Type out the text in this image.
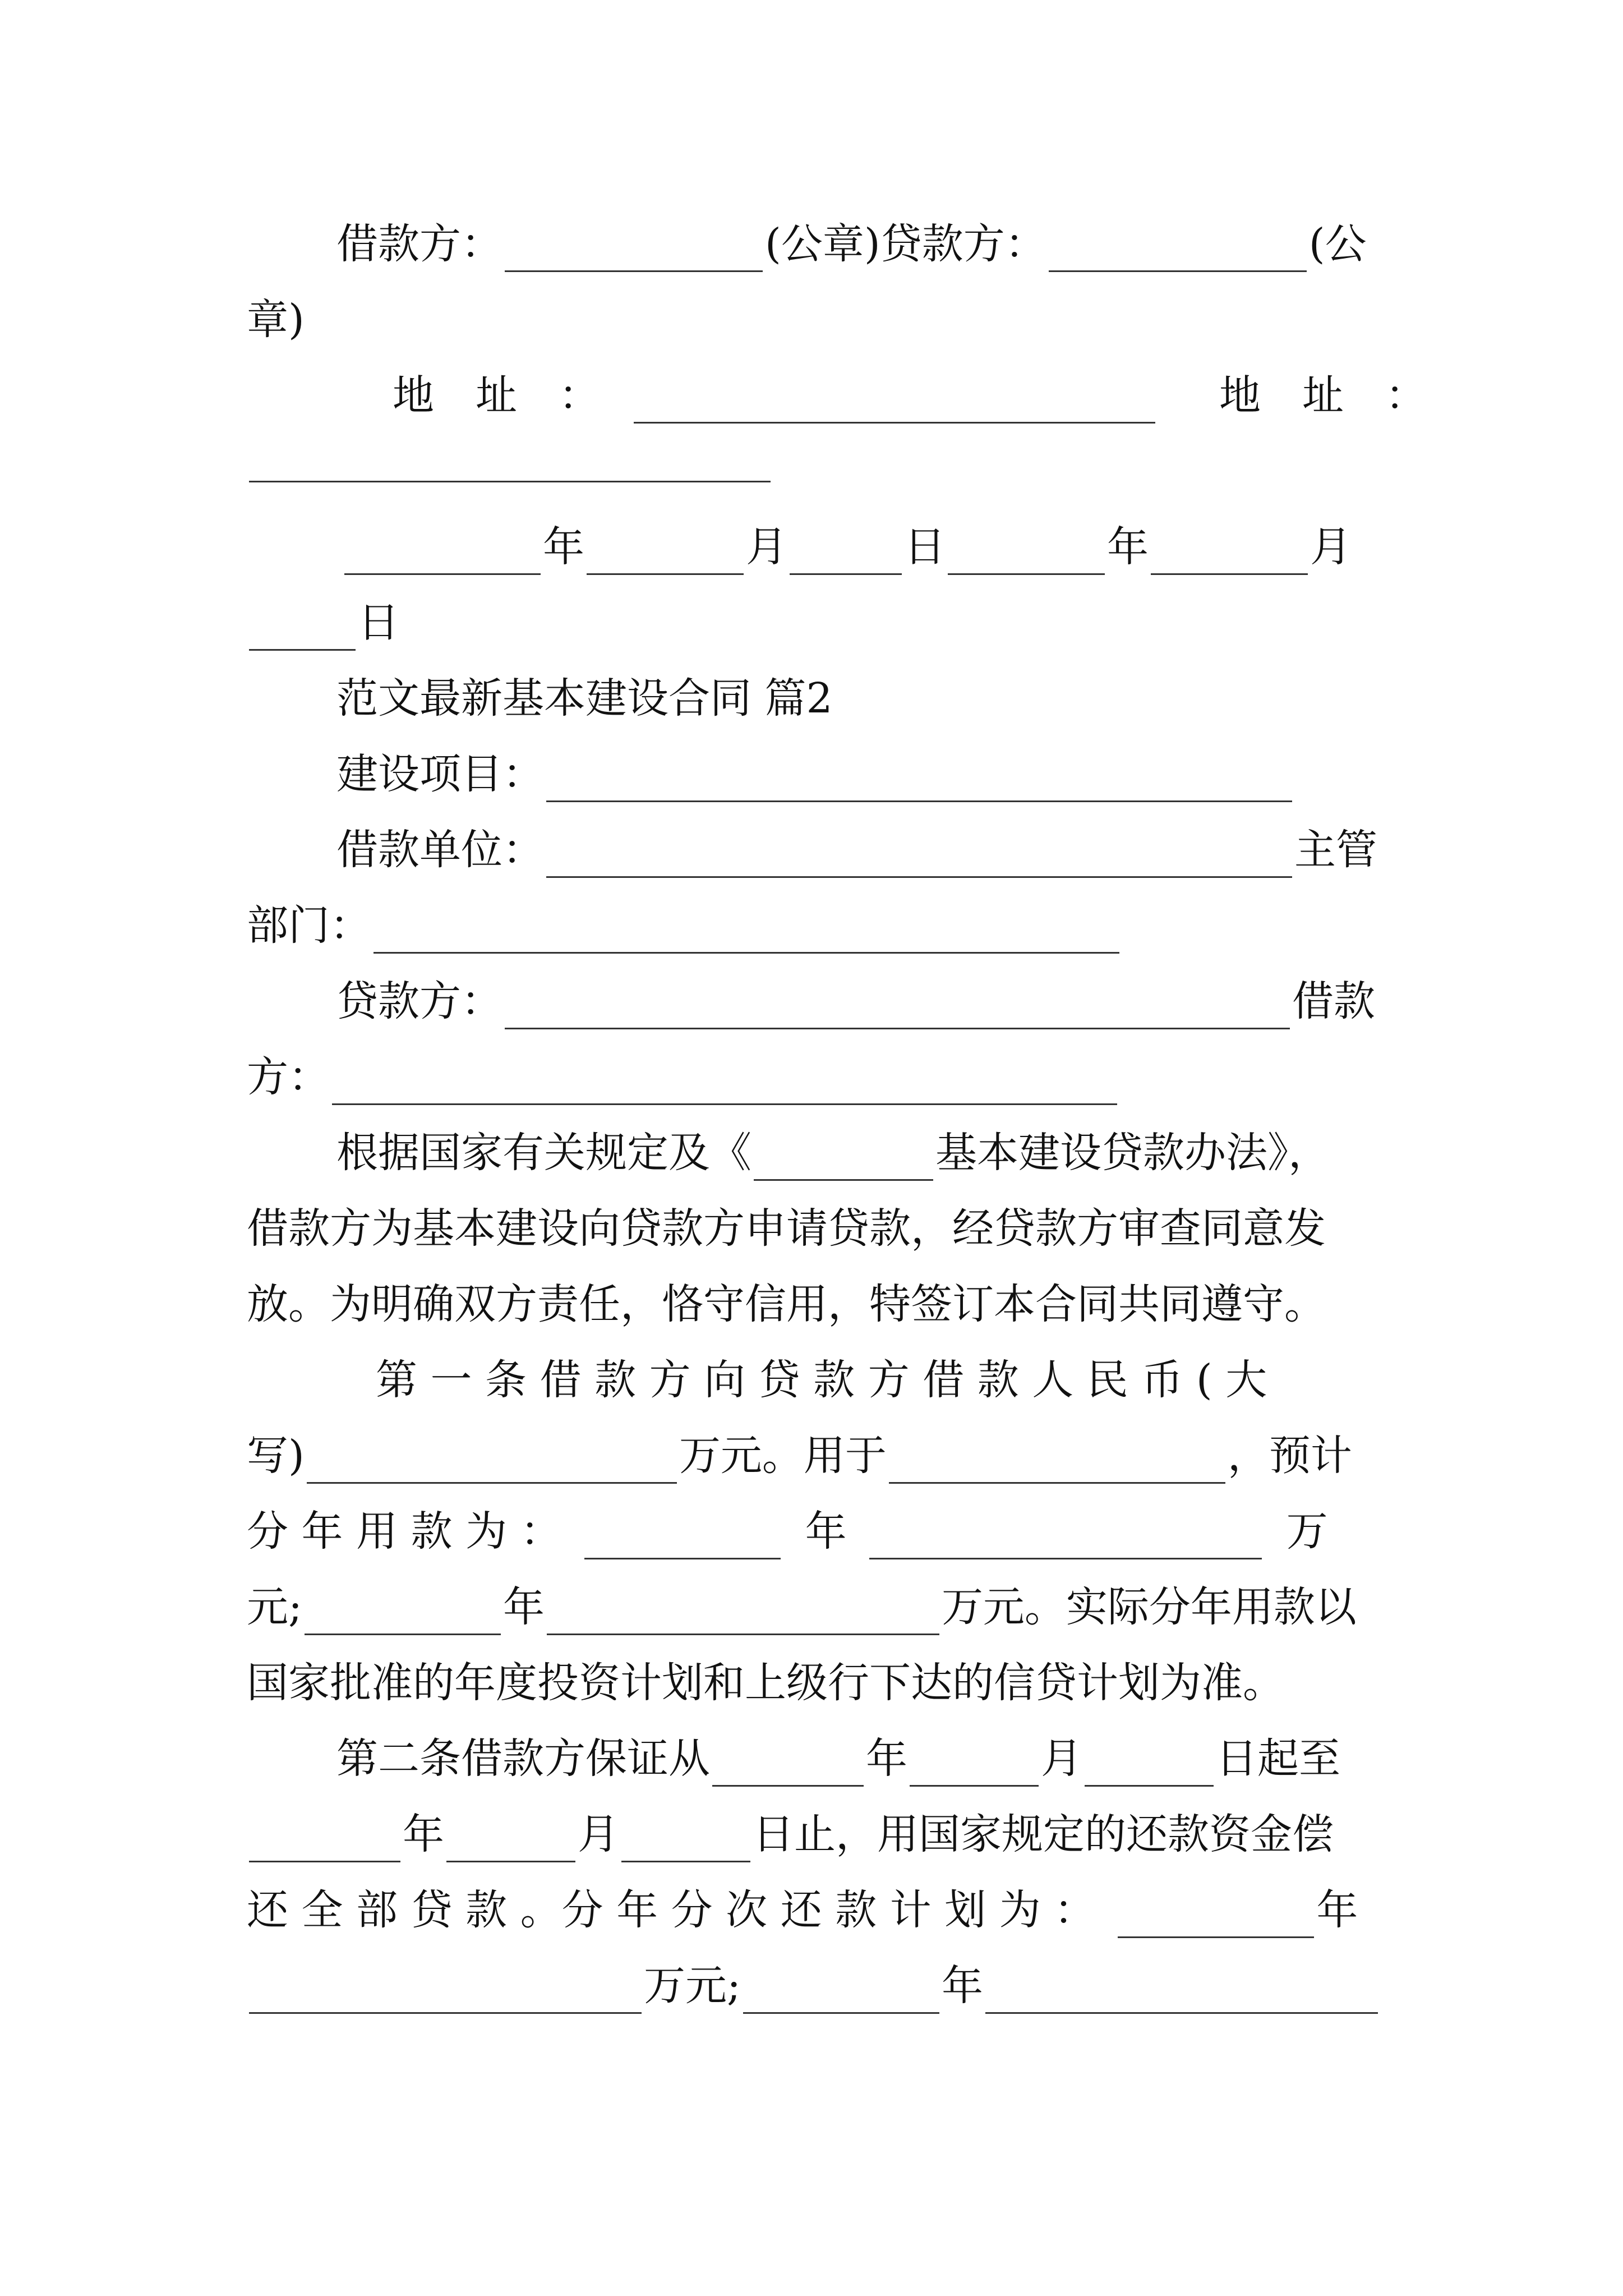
借款方：	(公章)贷款方：	(公
章)
地　址　：	地　址　：
年	月	日	年	月
日
范文最新基本建设合同 篇2
建设项目：
借款单位：	主管
部门：
贷款方：	借款
方：
根据国家有关规定及《	基本建设贷款办法》，
借款方为基本建设向贷款方申请贷款，经贷款方审查同意发
放。为明确双方责任，恪守信用，特签订本合同共同遵守。
第 一 条 借 款 方 向 贷 款 方 借 款 人 民 币 ( 大
写)	万元。用于	，预计
分 年 用 款 为 ：	年	万
元;	年	万元。实际分年用款以
国家批准的年度投资计划和上级行下达的信贷计划为准。
第二条借款方保证从	年	月	日起至
年	月	日止，用国家规定的还款资金偿
还 全 部 贷 款 。分 年 分 次 还 款 计 划 为 ：	年
万元;	年
